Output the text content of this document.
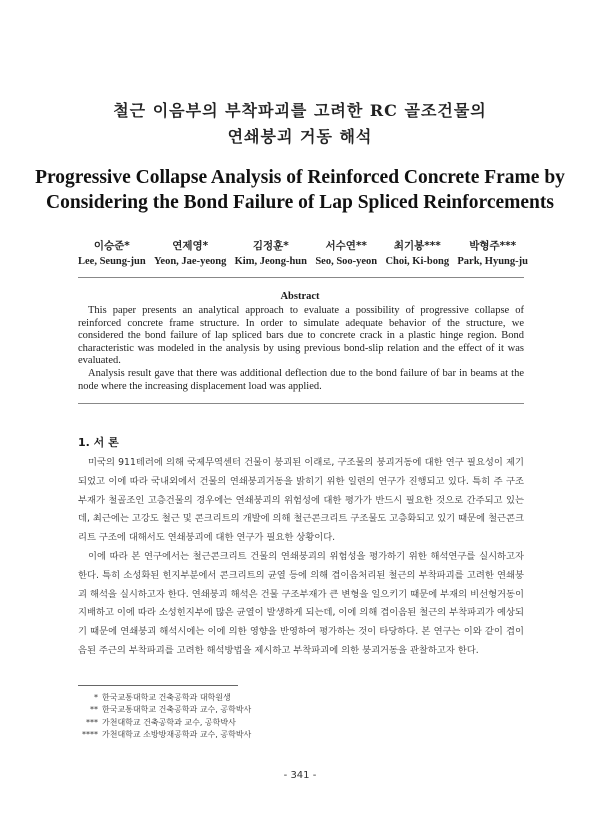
철근 이음부의 부착파괴를 고려한 RC 골조건물의
연쇄붕괴 거동 해석
Progressive Collapse Analysis of Reinforced Concrete Frame by
Considering the Bond Failure of Lap Spliced Reinforcements
이승준*
Lee, Seung-jun
연제영*
Yeon, Jae-yeong
김정훈*
Kim, Jeong-hun
서수연**
Seo, Soo-yeon
최기봉***
Choi, Ki-bong
박형주***
Park, Hyung-ju
Abstract

This paper presents an analytical approach to evaluate a possibility of progressive collapse of reinforced concrete frame structure. In order to simulate adequate behavior of the structure, we considered the bond failure of lap spliced bars due to concrete crack in a plastic hinge region. Bond characteristic was modeled in the analysis by using previous bond-slip relation and the effect of it was evaluated.

Analysis result gave that there was additional deflection due to the bond failure of bar in beams at the node where the increasing displacement load was applied.

1. 서 론

미국의 911테러에 의해 국제무역센터 건물이 붕괴된 이래로, 구조물의 붕괴거동에 대한 연구 필요성이 제기되었고 이에 따라 국내외에서 건물의 연쇄붕괴거동을 밝히기 위한 일련의 연구가 진행되고 있다. 특히 주 구조부재가 철골조인 고층건물의 경우에는 연쇄붕괴의 위험성에 대한 평가가 반드시 필요한 것으로 간주되고 있는데, 최근에는 고강도 철근 및 콘크리트의 개발에 의해 철근콘크리트 구조물도 고층화되고 있기 때문에 철근콘크리트 구조에 대해서도 연쇄붕괴에 대한 연구가 필요한 상황이다.

이에 따라 본 연구에서는 철근콘크리트 건물의 연쇄붕괴의 위험성을 평가하기 위한 해석연구를 실시하고자 한다. 특히 소성화된 힌지부분에서 콘크리트의 균열 등에 의해 겹이음처리된 철근의 부착파괴를 고려한 연쇄붕괴 해석을 실시하고자 한다. 연쇄붕괴 해석은 건물 구조부재가 큰 변형을 일으키기 때문에 부재의 비선형거동이 지배하고 이에 따라 소성힌지부에 많은 균열이 발생하게 되는데, 이에 의해 겹이음된 철근의 부착파괴가 예상되기 때문에 연쇄붕괴 해석시에는 이에 의한 영향을 반영하여 평가하는 것이 타당하다. 본 연구는 이와 같이 겹이음된 주근의 부착파괴를 고려한 해석방법을 제시하고 부착파괴에 의한 붕괴거동을 관찰하고자 한다.

* 한국교통대학교 건축공학과 대학원생
** 한국교통대학교 건축공학과 교수, 공학박사
*** 가천대학교 건축공학과 교수, 공학박사
**** 가천대학교 소방방재공학과 교수, 공학박사
- 341 -
